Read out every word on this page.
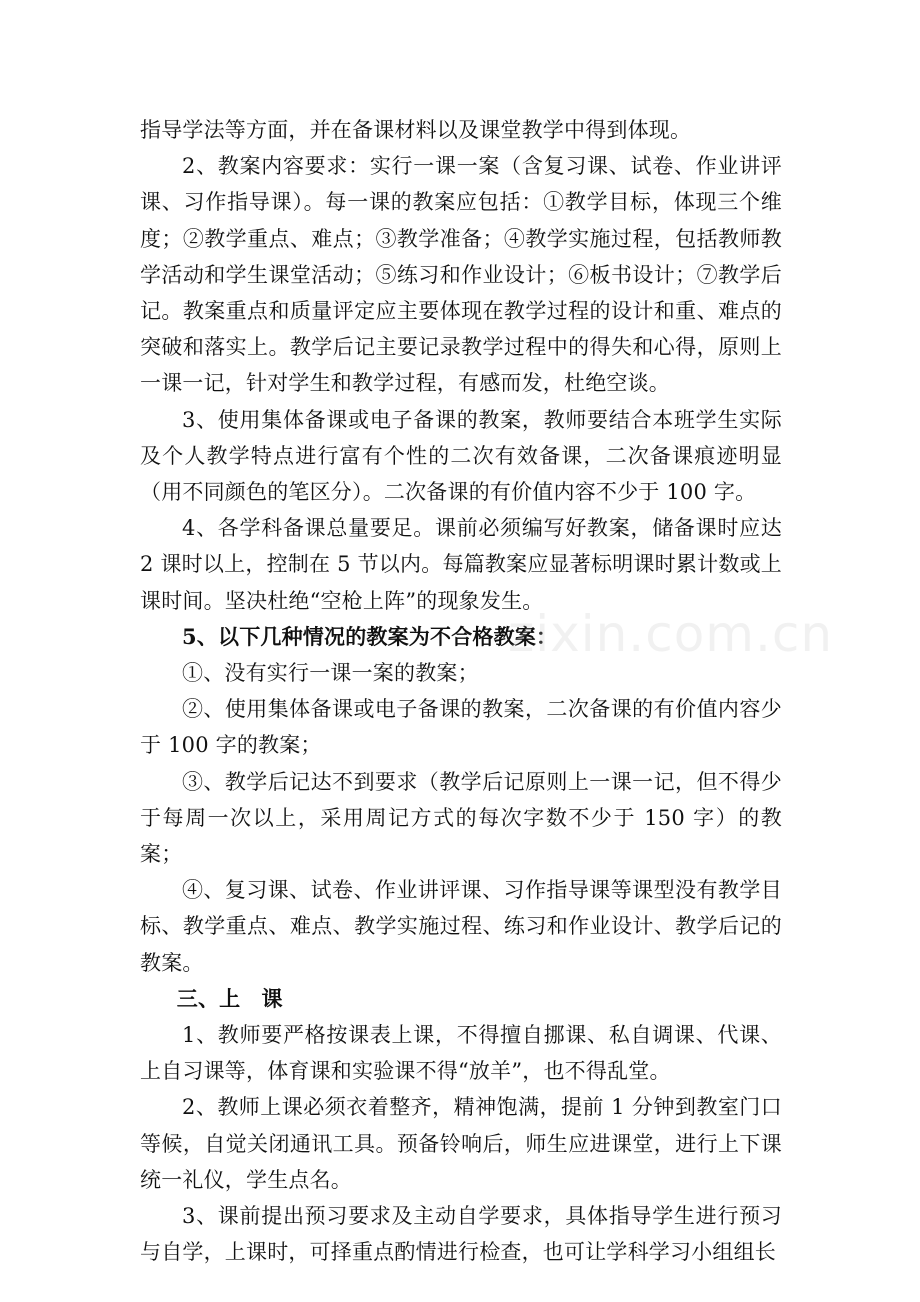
指导学法等方面，并在备课材料以及课堂教学中得到体现。

2、教案内容要求：实行一课一案（含复习课、试卷、作业讲评课、习作指导课）。每一课的教案应包括：①教学目标，体现三个维度；②教学重点、难点；③教学准备；④教学实施过程，包括教师教学活动和学生课堂活动；⑤练习和作业设计；⑥板书设计；⑦教学后记。教案重点和质量评定应主要体现在教学过程的设计和重、难点的突破和落实上。教学后记主要记录教学过程中的得失和心得，原则上一课一记，针对学生和教学过程，有感而发，杜绝空谈。

3、使用集体备课或电子备课的教案，教师要结合本班学生实际及个人教学特点进行富有个性的二次有效备课，二次备课痕迹明显（用不同颜色的笔区分）。二次备课的有价值内容不少于 100 字。

4、各学科备课总量要足。课前必须编写好教案，储备课时应达 2 课时以上，控制在 5 节以内。每篇教案应显著标明课时累计数或上课时间。坚决杜绝“空枪上阵”的现象发生。

5、以下几种情况的教案为不合格教案：

①、没有实行一课一案的教案；

②、使用集体备课或电子备课的教案，二次备课的有价值内容少于 100 字的教案；

③、教学后记达不到要求（教学后记原则上一课一记，但不得少于每周一次以上，采用周记方式的每次字数不少于 150 字）的教案；

④、复习课、试卷、作业讲评课、习作指导课等课型没有教学目标、教学重点、难点、教学实施过程、练习和作业设计、教学后记的教案。

三、上　课

1、教师要严格按课表上课，不得擅自挪课、私自调课、代课、上自习课等，体育课和实验课不得“放羊”，也不得乱堂。

2、教师上课必须衣着整齐，精神饱满，提前 1 分钟到教室门口等候，自觉关闭通讯工具。预备铃响后，师生应进课堂，进行上下课统一礼仪，学生点名。

3、课前提出预习要求及主动自学要求，具体指导学生进行预习与自学，上课时，可择重点酌情进行检查，也可让学科学习小组组长

zixin.com.cn
